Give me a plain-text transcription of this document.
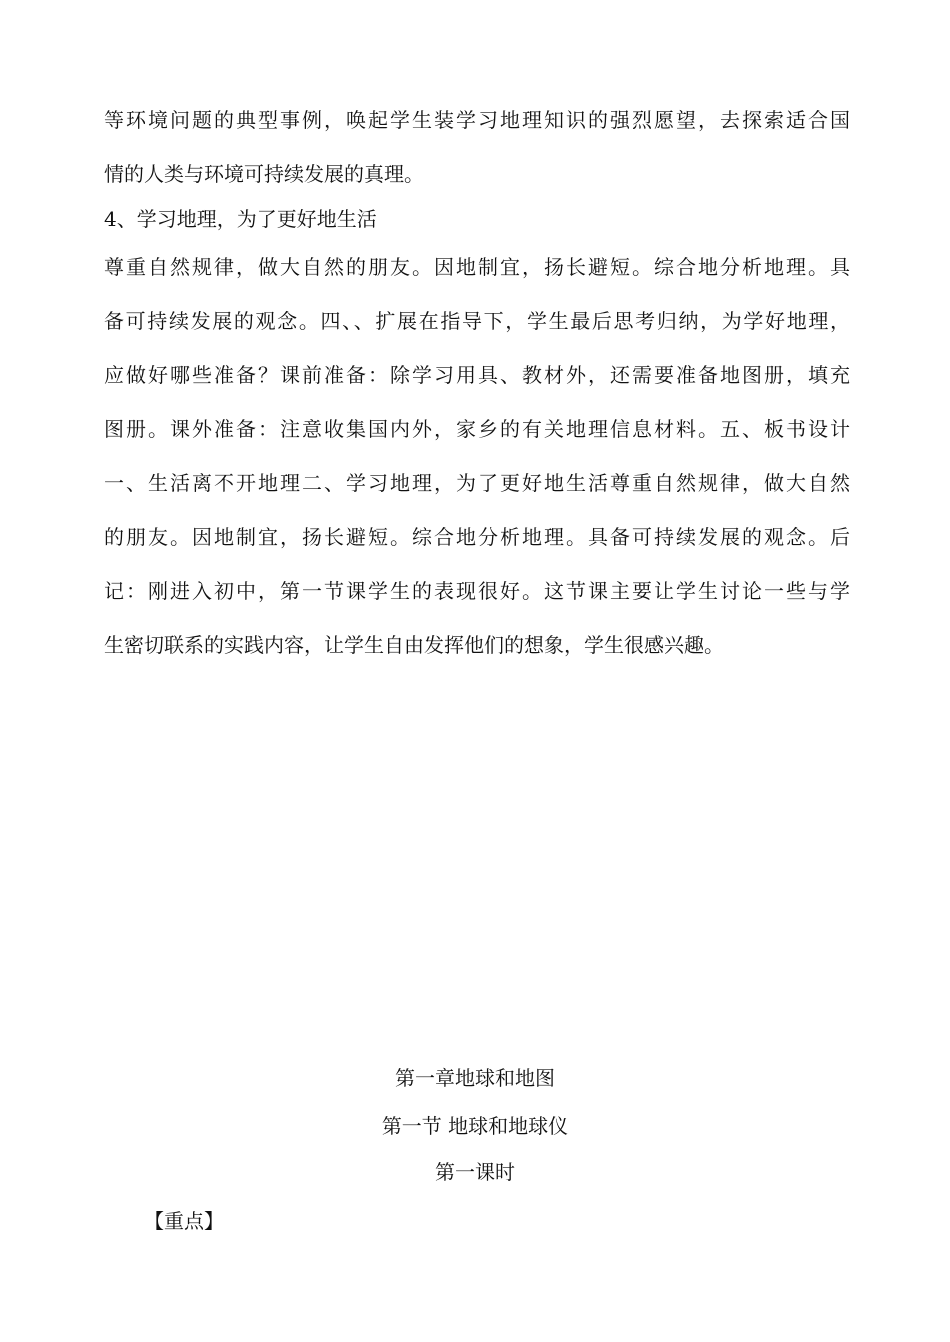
等环境问题的典型事例，唤起学生装学习地理知识的强烈愿望，去探索适合国
情的人类与环境可持续发展的真理。
4、学习地理，为了更好地生活
尊重自然规律，做大自然的朋友。因地制宜，扬长避短。综合地分析地理。具
备可持续发展的观念。四、、扩展在指导下，学生最后思考归纳，为学好地理，
应做好哪些准备？课前准备：除学习用具、教材外，还需要准备地图册，填充
图册。课外准备：注意收集国内外，家乡的有关地理信息材料。五、板书设计
一、生活离不开地理二、学习地理，为了更好地生活尊重自然规律，做大自然
的朋友。因地制宜，扬长避短。综合地分析地理。具备可持续发展的观念。后
记：刚进入初中，第一节课学生的表现很好。这节课主要让学生讨论一些与学
生密切联系的实践内容，让学生自由发挥他们的想象，学生很感兴趣。
第一章地球和地图
第一节 地球和地球仪
第一课时
【重点】
